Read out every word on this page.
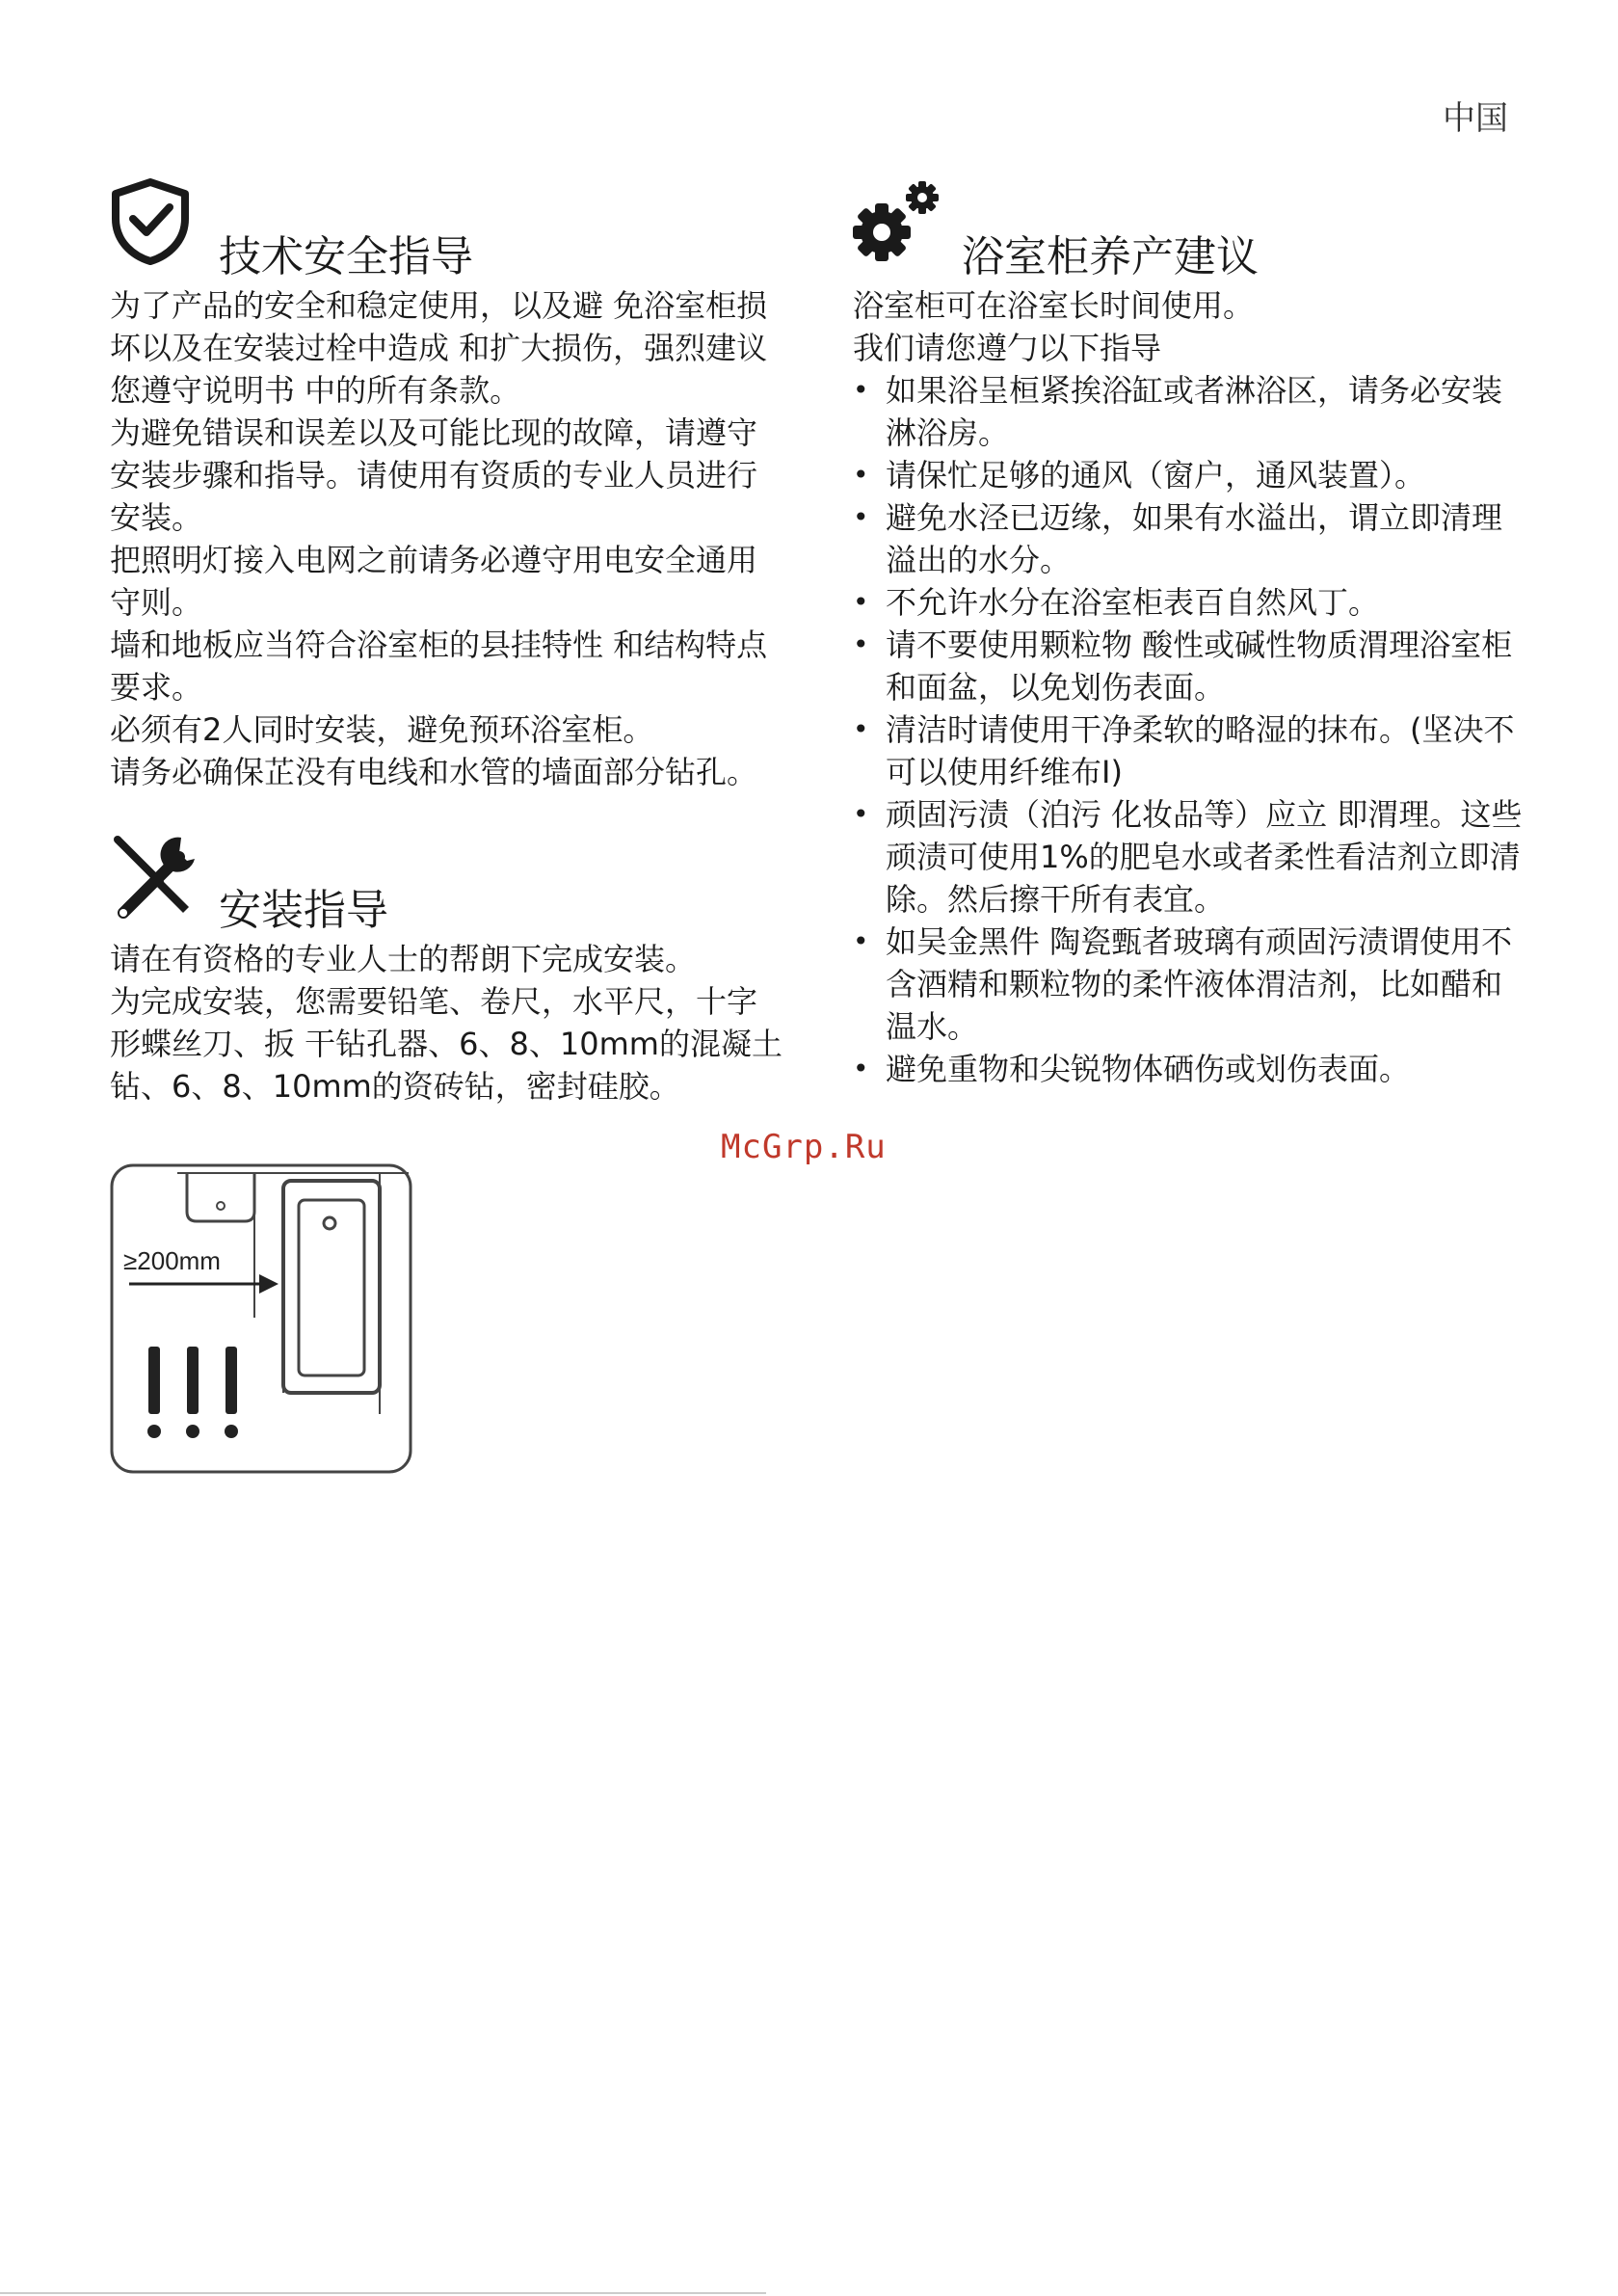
中国
技术安全指导

为了产品的安全和稳定使用，以及避 免浴室柜损坏以及在安装过栓中造成 和扩大损伤，强烈建议您遵守说明书 中的所有条款。

为避免错误和误差以及可能比现的故障，请遵守安装步骤和指导。请使用有资质的专业人员进行安装。

把照明灯接入电网之前请务必遵守用电安全通用守则。

墙和地板应当符合浴室柜的县挂特性 和结构特点要求。

必须有2人同时安装，避免预环浴室柜。

请务必确保芷没有电线和水管的墙面部分钻孔。

安装指导

请在有资格的专业人士的帮朗下完成安装。

为完成安装，您需要铅笔、卷尺，水平尺，十字形蝶丝刀、扳 干钻孔器、6、8、10mm的混凝土钻、6、8、10mm的资砖钻，密封硅胶。

浴室柜养产建议

浴室柜可在浴室长时间使用。

我们请您遵勹以下指导

• 如果浴呈桓紧挨浴缸或者淋浴区，请务必安装淋浴房。
• 请保忙足够的通风（窗户，通风装置）。
• 避免水泾已迈缘，如果有水溢出，谓立即清理溢出的水分。
• 不允许水分在浴室柜表百自然风丁。
• 请不要使用颗粒物 酸性或碱性物质渭理浴室柜和面盆，以免划伤表面。
• 清洁时请使用干净柔软的略湿的抹布。(坚决不可以使用纤维布I)
• 顽固污渍（泊污 化妆品等）应立 即渭理。这些顽渍可使用1%的肥皂水或者柔性看洁剂立即清除。然后擦干所有表宜。
• 如吴金黑件 陶瓷甄者玻璃有顽固污渍谓使用不含酒精和颗粒物的柔忤液体渭洁剂，比如醋和温水。
• 避免重物和尖锐物体硒伤或划伤表面。
McGrp.Ru
≥200mm
